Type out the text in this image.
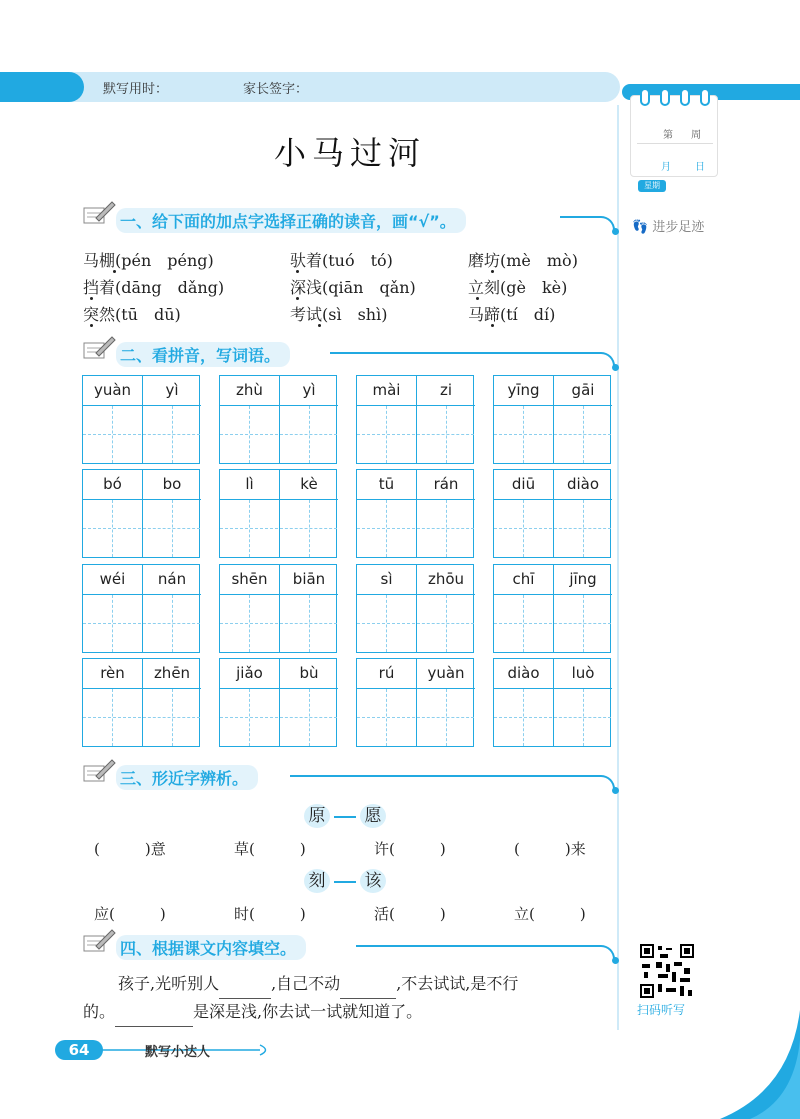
默写用时：	家长签字：
第 周
月 日
星期
👣 进步足迹
小马过河
一、给下面的加点字选择正确的读音，画“√”。
马棚(pén　péng)	驮着(tuó　tó)	磨坊(mè　mò)
挡着(dāng　dǎng)	深浅(qiān　qǎn)	立刻(gè　kè)
突然(tū　dū)	考试(sì　shì)	马蹄(tí　dí)
二、看拼音，写词语。
yuàn	yì	zhù	yì	mài	zi	yīng	gāi
bó	bo	lì	kè	tū	rán	diū	diào
wéi	nán	shēn	biān	sì	zhōu	chī	jīng
rèn	zhēn	jiǎo	bù	rú	yuàn	diào	luò
三、形近字辨析。
原 愿
(　　　)意	草(　　　)	许(　　　)	(　　　)来
刻 该
应(　　　)	时(　　　)	活(　　　)	立(　　　)
四、根据课文内容填空。
孩子,光听别人	,自己不动	,不去试试,是不行
的。	是深是浅,你去试一试就知道了。	扫码听写
64	默写小达人
